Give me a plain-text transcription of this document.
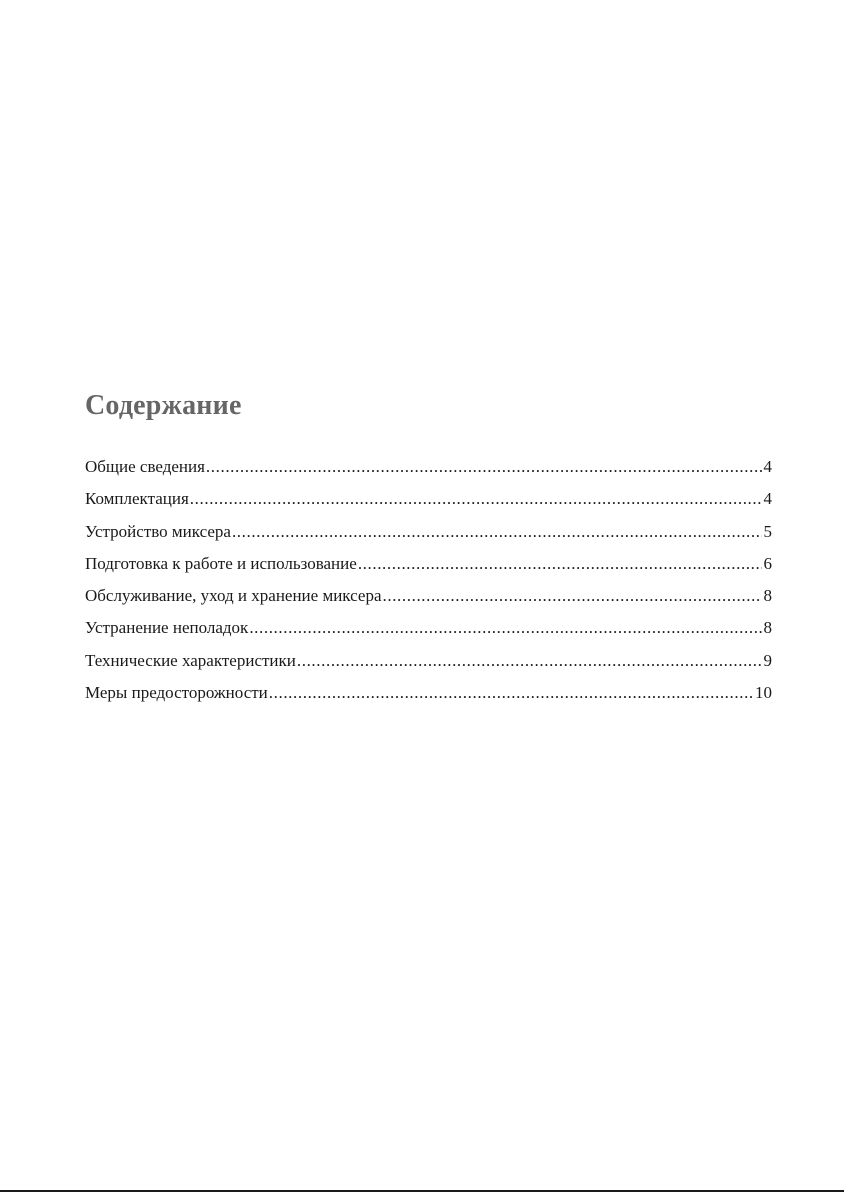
Содержание
Общие сведения .....	4
Комплектация .....	4
Устройство миксера .....	5
Подготовка к работе и использование .....	6
Обслуживание, уход и хранение миксера .....	8
Устранение неполадок .....	8
Технические характеристики .....	9
Меры предосторожности .....	10
